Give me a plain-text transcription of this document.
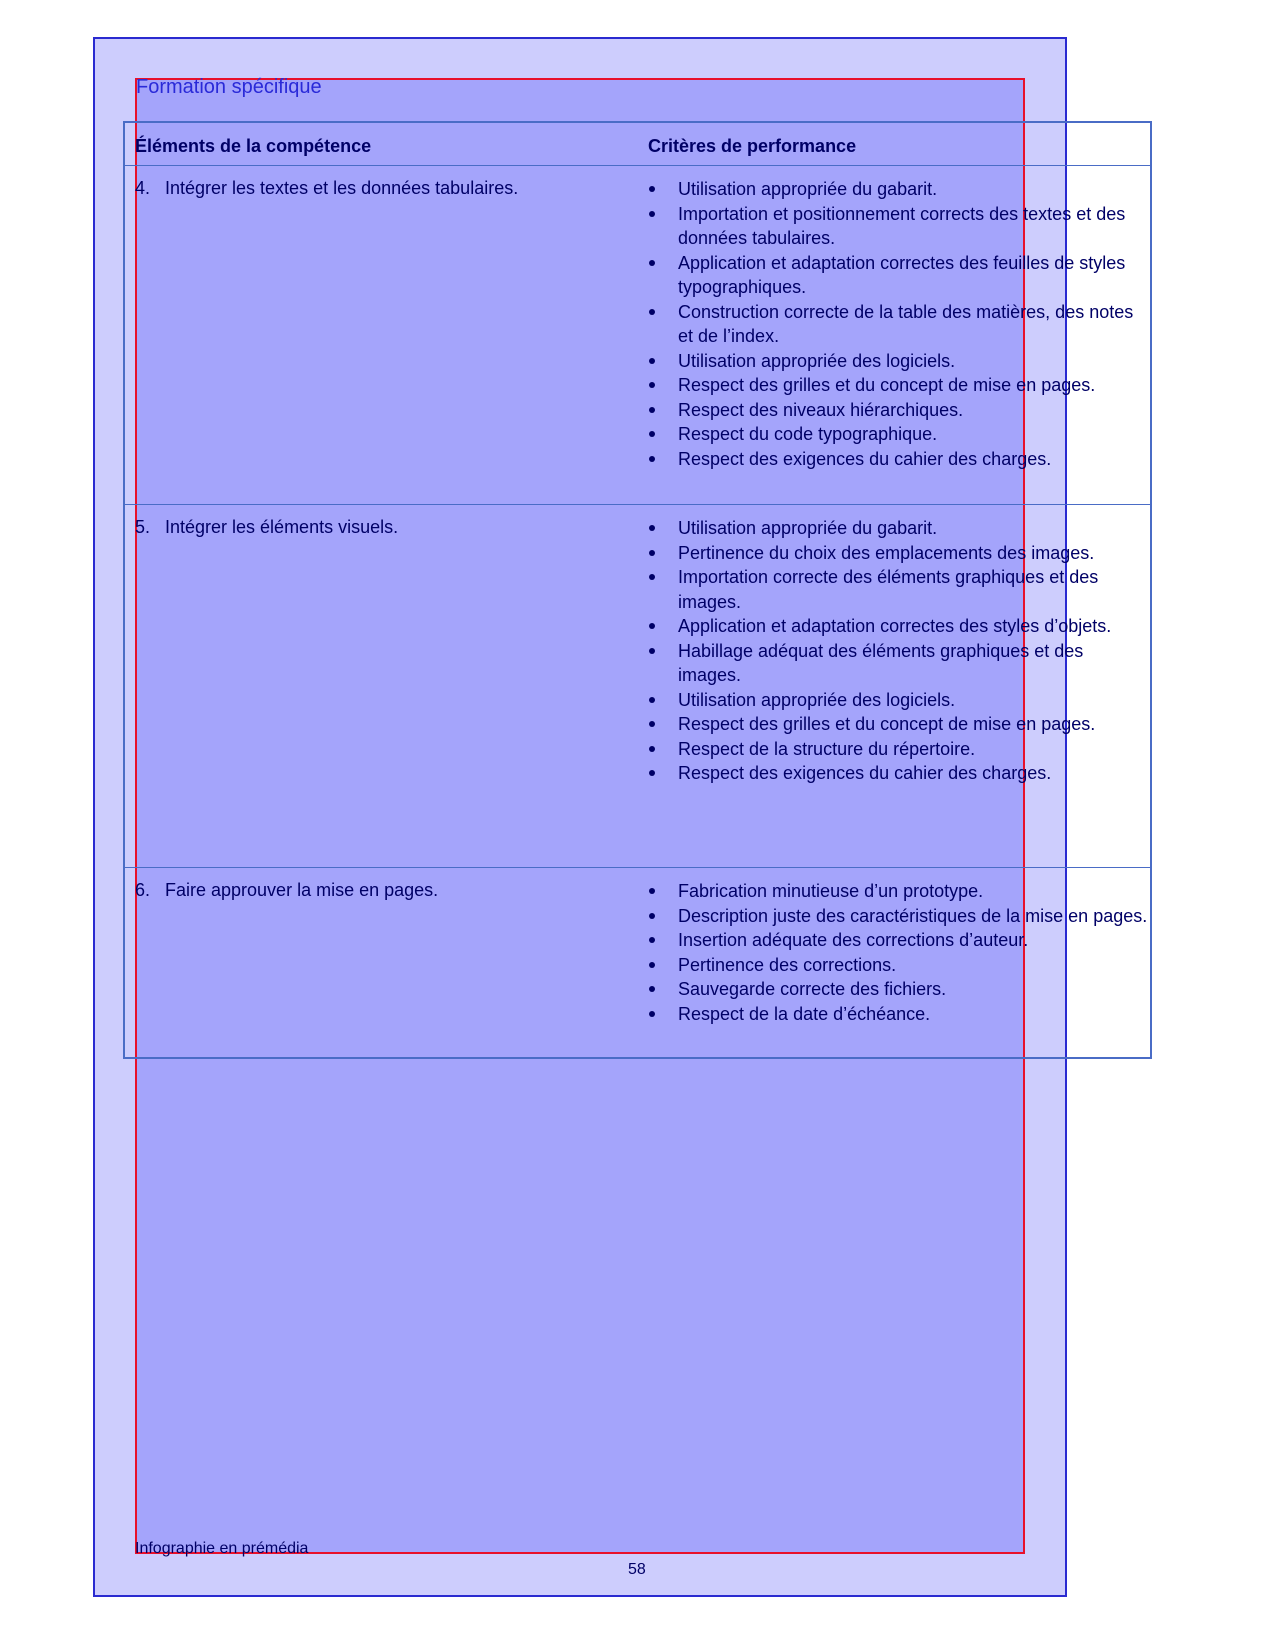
Formation spécifique
Éléments de la compétence	Critères de performance
4. Intégrer les textes et les données tabulaires.	Utilisation appropriée du gabarit.
Importation et positionnement corrects des textes et des données tabulaires.
Application et adaptation correctes des feuilles de styles typographiques.
Construction correcte de la table des matières, des notes et de l’index.
Utilisation appropriée des logiciels.
Respect des grilles et du concept de mise en pages.
Respect des niveaux hiérarchiques.
Respect du code typographique.
Respect des exigences du cahier des charges.
5. Intégrer les éléments visuels.	Utilisation appropriée du gabarit.
Pertinence du choix des emplacements des images.
Importation correcte des éléments graphiques et des images.
Application et adaptation correctes des styles d’objets.
Habillage adéquat des éléments graphiques et des images.
Utilisation appropriée des logiciels.
Respect des grilles et du concept de mise en pages.
Respect de la structure du répertoire.
Respect des exigences du cahier des charges.
6. Faire approuver la mise en pages.	Fabrication minutieuse d’un prototype.
Description juste des caractéristiques de la mise en pages.
Insertion adéquate des corrections d’auteur.
Pertinence des corrections.
Sauvegarde correcte des fichiers.
Respect de la date d’échéance.
Infographie en prémédia
58
